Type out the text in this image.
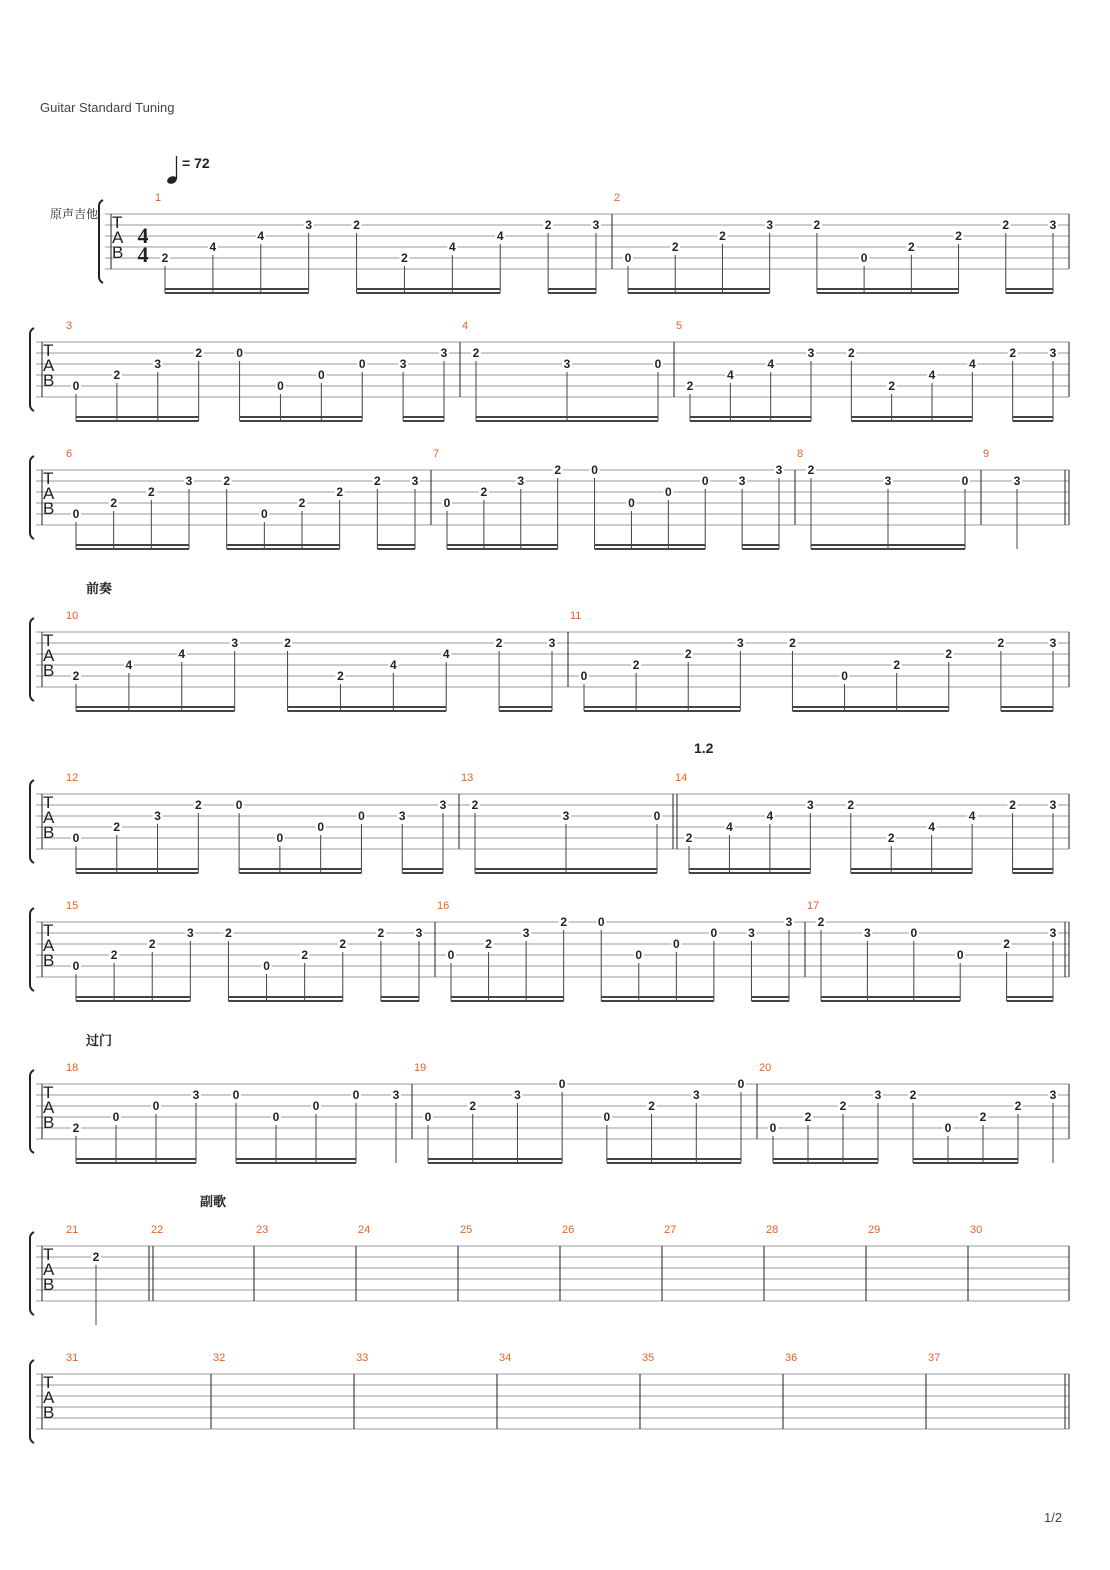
Guitar Standard Tuning
= 72
原声吉他
前奏
过门
副歌
1.2
1/2
T
A
B
4
4
1
2
4
4
3	2
2
4
4
2	3
2
0
2
2
3	2
0
2
2
2	3
T
A
B
3
0
2
3
2	0
0
0
0	3
3
4
2
3	0
5
2
4
4
3	2
2
4
4
2	3
T
A
B
6
0
2
2
3	2
0
2
2
2	3
7
0
2
3
2	0
0
0
0	3
3
8
2
3	0
9
3
T
A
B
10
2
4
4
3	2
2
4
4
2	3
11
0
2
2
3	2
0
2
2
2	3
T
A
B
12
0
2
3
2	0
0
0
0	3
3
13
2
3	0
14
2
4
4
3	2
2
4
4
2	3
T
A
B
15
0
2
2
3	2
0
2
2
2	3
16
0
2
3
2	0
0
0
0	3
3
17
2
3	0
0
2
3
T
A
B
18
2
0
0
3	0
0
0
0	3
19
0
2
3
0
0
2
3
0
20
0
2
2
3 2
0
2
2
3
T
A
B
21
2
22	23	24	25	26	27	28	29	30
T
A
B
31	32	33	34	35	36	37
